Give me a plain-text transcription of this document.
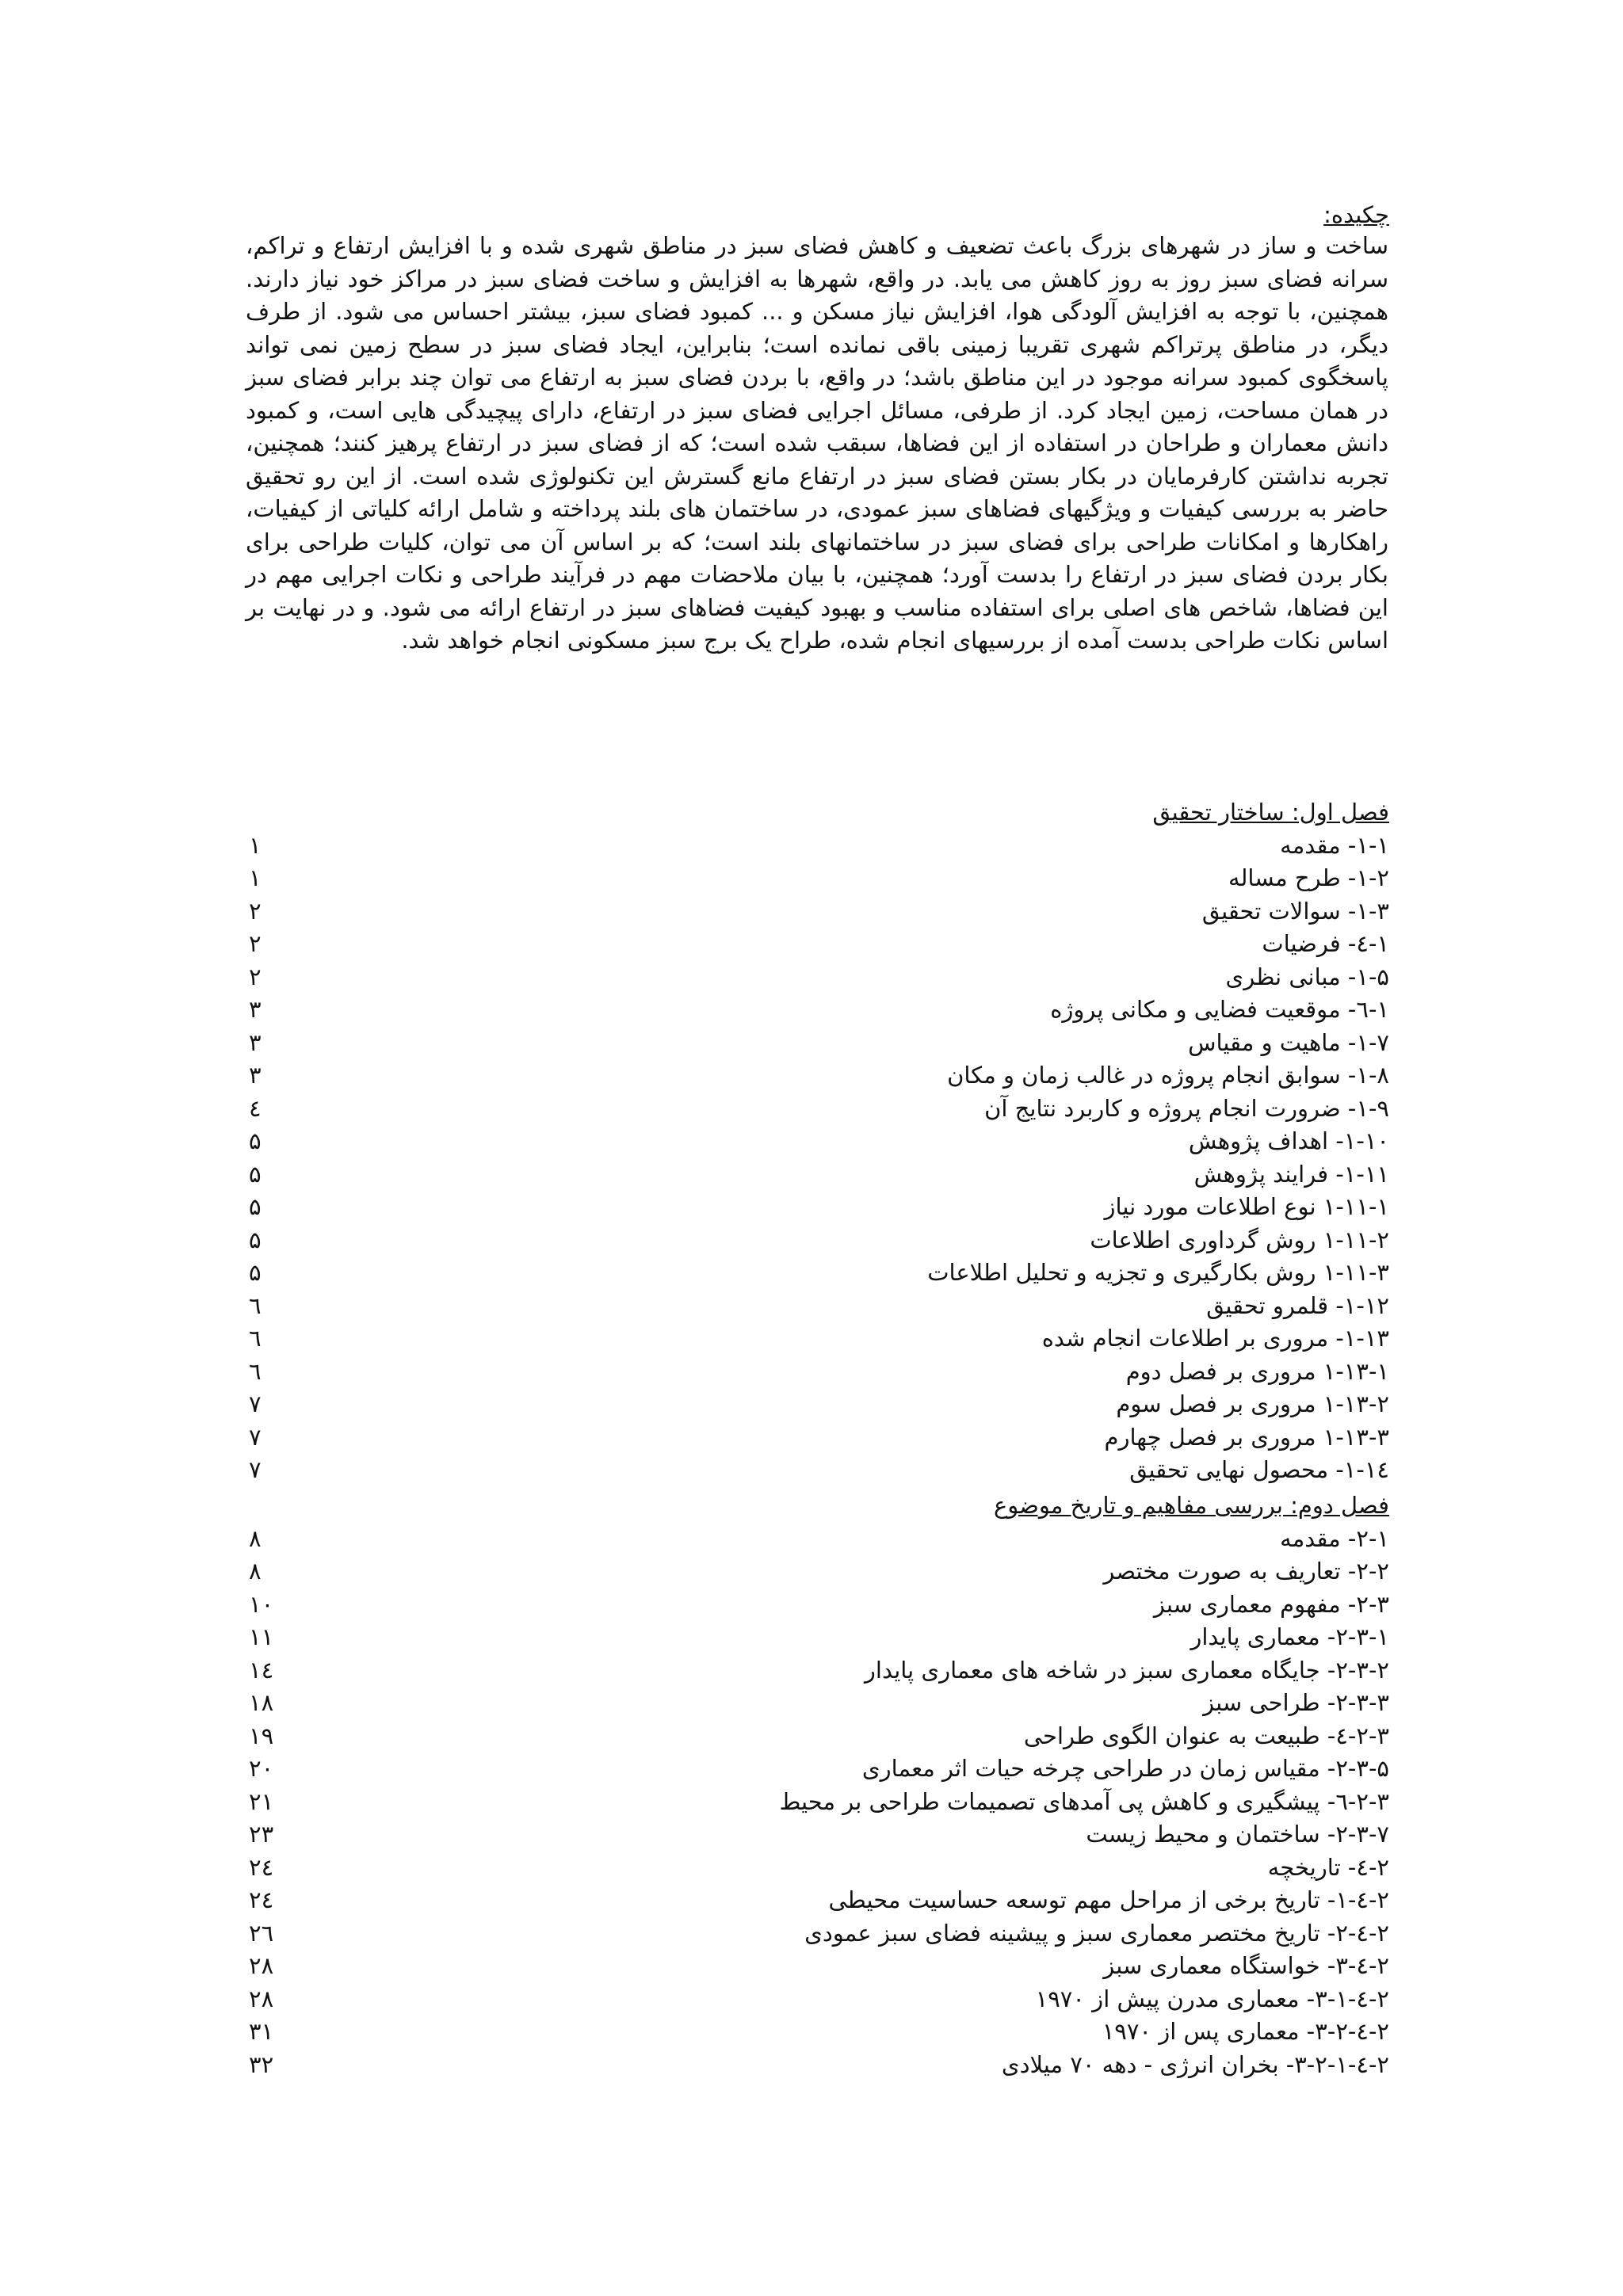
چکیده:
ساخت و ساز در شهرهای بزرگ باعث تضعیف و کاهش فضای سبز در مناطق شهری شده و با افزایش ارتفاع و تراکم، سرانه فضای سبز روز به روز کاهش می یابد. در واقع، شهرها به افزایش و ساخت فضای سبز در مراکز خود نیاز دارند. همچنین، با توجه به افزایش آلودگی هوا، افزایش نیاز مسکن و ... کمبود فضای سبز، بیشتر احساس می شود. از طرف دیگر، در مناطق پرتراکم شهری تقریبا زمینی باقی نمانده است؛ بنابراین، ایجاد فضای سبز در سطح زمین نمی تواند پاسخگوی کمبود سرانه موجود در این مناطق باشد؛ در واقع، با بردن فضای سبز به ارتفاع می توان چند برابر فضای سبز در همان مساحت، زمین ایجاد کرد. از طرفی، مسائل اجرایی فضای سبز در ارتفاع، دارای پیچیدگی هایی است، و کمبود دانش معماران و طراحان در استفاده از این فضاها، سبقب شده است؛ که از فضای سبز در ارتفاع پرهیز کنند؛ همچنین، تجربه نداشتن کارفرمایان در بکار بستن فضای سبز در ارتفاع مانع گسترش این تکنولوژی شده است. از این رو تحقیق حاضر به بررسی کیفیات و ویژگیهای فضاهای سبز عمودی، در ساختمان های بلند پرداخته و شامل ارائه کلیاتی از کیفیات، راهکارها و امکانات طراحی برای فضای سبز در ساختمانهای بلند است؛ که بر اساس آن می توان، کلیات طراحی برای بکار بردن فضای سبز در ارتفاع را بدست آورد؛ همچنین، با بیان ملاحضات مهم در فرآیند طراحی و نکات اجرایی مهم در این فضاها، شاخص های اصلی برای استفاده مناسب و بهبود کیفیت فضاهای سبز در ارتفاع ارائه می شود. و در نهایت بر اساس نکات طراحی بدست آمده از بررسیهای انجام شده، طراح یک برج سبز مسکونی انجام خواهد شد.
فصل اول: ساختار تحقیق
۱-۱- مقدمه
۱
۱-۲- طرح مساله
۱
۱-۳- سوالات تحقیق
۲
۱-٤- فرضیات
۲
۱-۵- مبانی نظری
۲
۱-٦- موقعیت فضایی و مکانی پروژه
۳
۱-۷- ماهیت و مقیاس
۳
۱-۸- سوابق انجام پروژه در غالب زمان و مکان
۳
۱-۹- ضرورت انجام پروژه و کاربرد نتایج آن
٤
۱-۱۰- اهداف پژوهش
۵
۱-۱۱- فرایند پژوهش
۵
۱-۱۱-۱ نوع اطلاعات مورد نیاز
۵
۱-۱۱-۲ روش گرداوری اطلاعات
۵
۱-۱۱-۳ روش بکارگیری و تجزیه و تحلیل اطلاعات
۵
۱-۱۲- قلمرو تحقیق
٦
۱-۱۳- مروری بر اطلاعات انجام شده
٦
۱-۱۳-۱ مروری بر فصل دوم
٦
۱-۱۳-۲ مروری بر فصل سوم
۷
۱-۱۳-۳ مروری بر فصل چهارم
۷
۱-۱٤- محصول نهایی تحقیق
۷
فصل دوم: بررسی مفاهیم و تاریخ موضوع
۲-۱- مقدمه
۸
۲-۲- تعاریف به صورت مختصر
۸
۲-۳- مفهوم معماری سبز
۱۰
۲-۳-۱- معماری پایدار
۱۱
۲-۳-۲- جایگاه معماری سبز در شاخه های معماری پایدار
۱٤
۲-۳-۳- طراحی سبز
۱۸
۲-۳-٤- طبیعت به عنوان الگوی طراحی
۱۹
۲-۳-۵- مقیاس زمان در طراحی چرخه حیات اثر معماری
۲۰
۲-۳-٦- پیشگیری و کاهش پی آمدهای تصمیمات طراحی بر محیط
۲۱
۲-۳-۷- ساختمان و محیط زیست
۲۳
۲-٤- تاریخچه
۲٤
۲-٤-۱- تاریخ برخی از مراحل مهم توسعه حساسیت محیطی
۲٤
۲-٤-۲- تاریخ مختصر معماری سبز و پیشینه فضای سبز عمودی
۲٦
۲-٤-۳- خواستگاه معماری سبز
۲۸
۲-٤-۳-۱- معماری مدرن پیش از ۱۹۷۰
۲۸
۲-٤-۳-۲- معماری پس از ۱۹۷۰
۳۱
۲-٤-۳-۲-۱- بخران انرژی - دهه ۷۰ میلادی
۳۲
